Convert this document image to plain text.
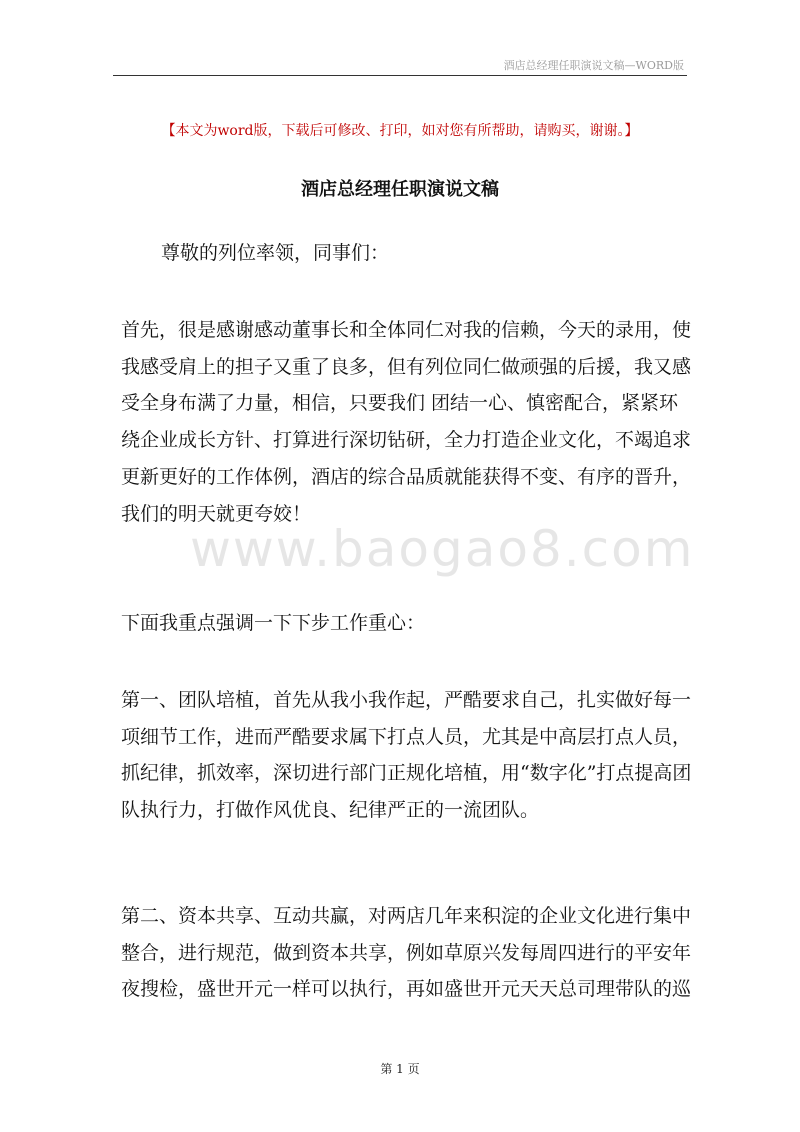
酒店总经理任职演说文稿—WORD版
【本文为word版，下载后可修改、打印，如对您有所帮助，请购买，谢谢。】
酒店总经理任职演说文稿

尊敬的列位率领，同事们：

首先，很是感谢感动董事长和全体同仁对我的信赖，今天的录用，使
我感受肩上的担子又重了良多，但有列位同仁做顽强的后援，我又感
受全身布满了力量，相信，只要我们 团结一心、慎密配合，紧紧环
绕企业成长方针、打算进行深切钻研，全力打造企业文化，不竭追求
更新更好的工作体例，酒店的综合品质就能获得不变、有序的晋升，
我们的明天就更夸姣！

下面我重点强调一下下步工作重心：

第一、团队培植，首先从我小我作起，严酷要求自己，扎实做好每一
项细节工作，进而严酷要求属下打点人员，尤其是中高层打点人员，
抓纪律，抓效率，深切进行部门正规化培植，用“数字化”打点提高团
队执行力，打做作风优良、纪律严正的一流团队。

第二、资本共享、互动共赢，对两店几年来积淀的企业文化进行集中
整合，进行规范，做到资本共享，例如草原兴发每周四进行的平安年
夜搜检，盛世开元一样可以执行，再如盛世开元天天总司理带队的巡

www.baogao8.com
第 1 页
